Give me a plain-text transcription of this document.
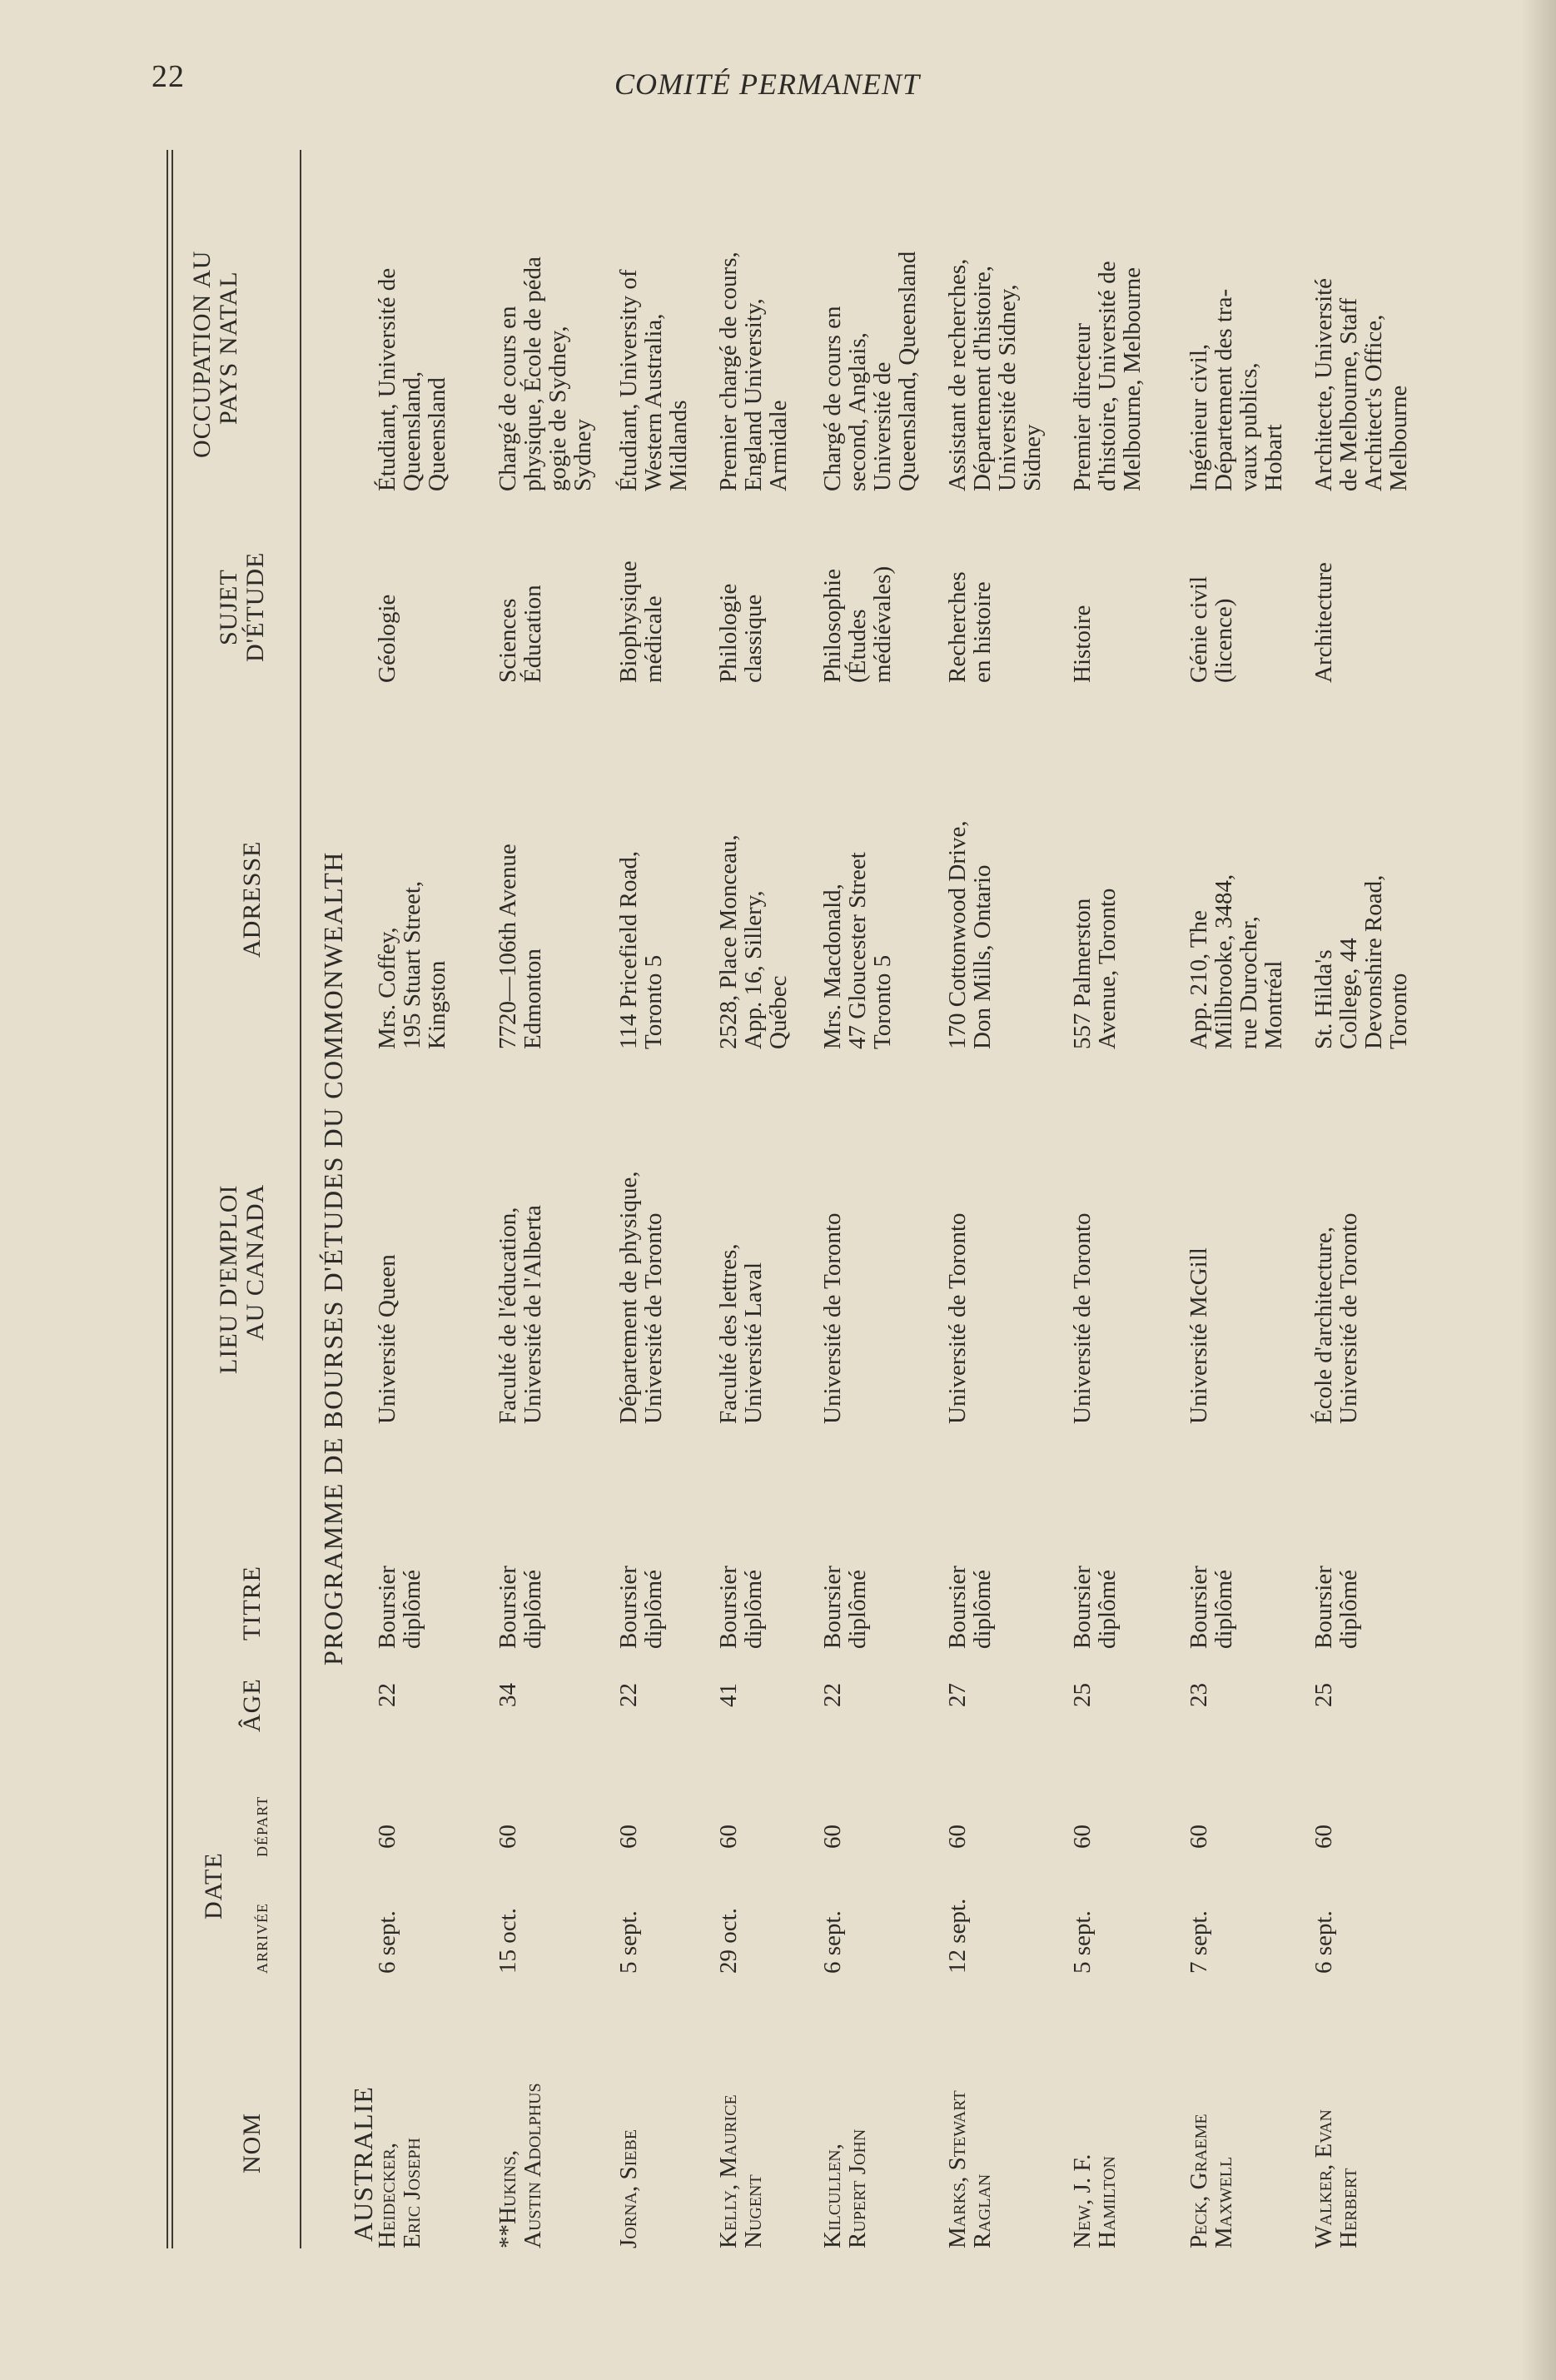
22	COMITÉ PERMANENT
NOM
DATE
ARRIVÉE
DÉPART
ÂGE
TITRE
LIEU D'EMPLOI AU CANADA
ADRESSE
SUJET D'ÉTUDE
OCCUPATION AU PAYS NATAL
PROGRAMME DE BOURSES D'ÉTUDES DU COMMONWEALTH
AUSTRALIE
Heidecker,
Eric Joseph
6 sept.
60
22
Boursier
diplômé
Université Queen
Mrs. Coffey,
195 Stuart Street,
Kingston
Géologie
Étudiant, Université de
Queensland,
Queensland
**Hukins,
Austin Adolphus
15 oct.
60
34
Boursier
diplômé
Faculté de l'éducation,
Université de l'Alberta
7720—106th Avenue
Edmonton
Sciences
Éducation
Chargé de cours en
physique, École de péda
gogie de Sydney,
Sydney
Jorna, Siebe
5 sept.
60
22
Boursier
diplômé
Département de physique,
Université de Toronto
114 Pricefield Road,
Toronto 5
Biophysique
médicale
Étudiant, University of
Western Australia,
Midlands
Kelly, Maurice
Nugent
29 oct.
60
41
Boursier
diplômé
Faculté des lettres,
Université Laval
2528, Place Monceau,
App. 16, Sillery,
Québec
Philologie
classique
Premier chargé de cours,
England University,
Armidale
Kilcullen,
Rupert John
6 sept.
60
22
Boursier
diplômé
Université de Toronto
Mrs. Macdonald,
47 Gloucester Street
Toronto 5
Philosophie
(Études
médiévales)
Chargé de cours en
second, Anglais,
Université de
Queensland, Queensland
Marks, Stewart
Raglan
12 sept.
60
27
Boursier
diplômé
Université de Toronto
170 Cottonwood Drive,
Don Mills, Ontario
Recherches
en histoire
Assistant de recherches,
Département d'histoire,
Université de Sidney,
Sidney
New, J. F.
Hamilton
5 sept.
60
25
Boursier
diplômé
Université de Toronto
557 Palmerston
Avenue, Toronto
Histoire
Premier directeur
d'histoire, Université de
Melbourne, Melbourne
Peck, Graeme
Maxwell
7 sept.
60
23
Boursier
diplômé
Université McGill
App. 210, The
Millbrooke, 3484,
rue Durocher,
Montréal
Génie civil
(licence)
Ingénieur civil,
Département des tra-
vaux publics,
Hobart
Walker, Evan
Herbert
6 sept.
60
25
Boursier
diplômé
École d'architecture,
Université de Toronto
St. Hilda's
College, 44
Devonshire Road,
Toronto
Architecture
Architecte, Université
de Melbourne, Staff
Architect's Office,
Melbourne
